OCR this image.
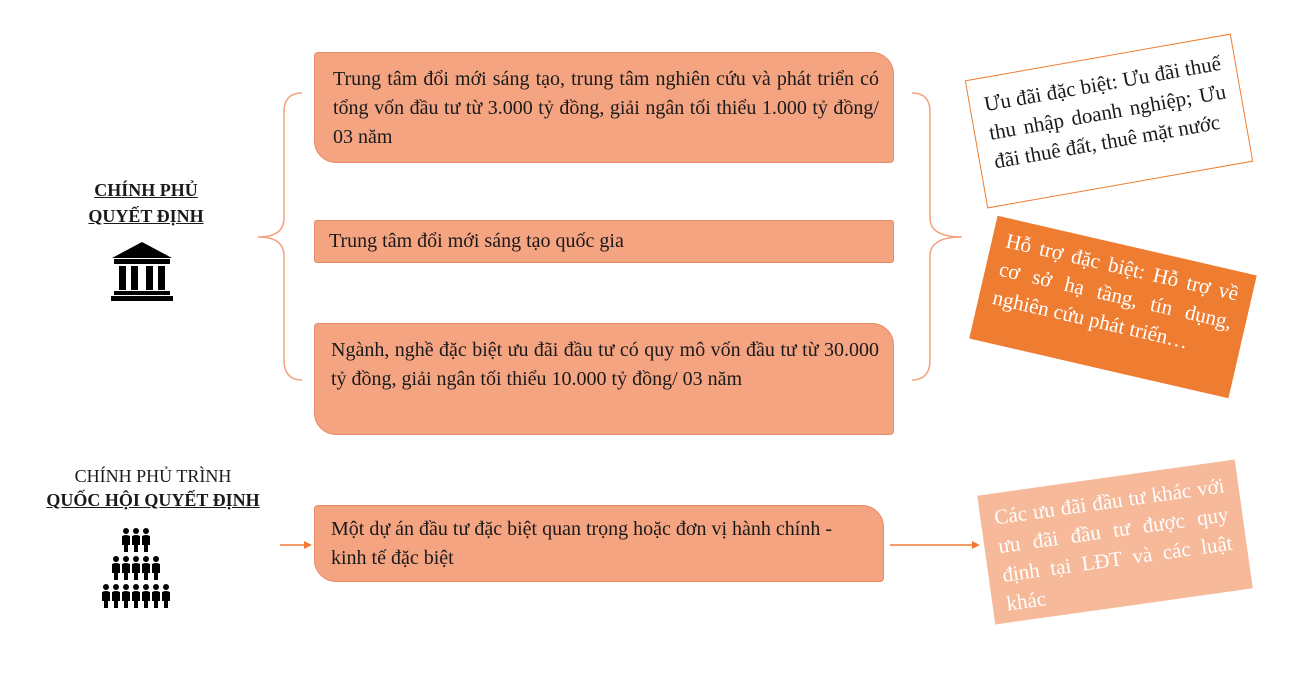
CHÍNH PHỦ
QUYẾT ĐỊNH
CHÍNH PHỦ TRÌNH
QUỐC HỘI QUYẾT ĐỊNH
Trung tâm đổi mới sáng tạo, trung tâm nghiên cứu và phát triển có tổng vốn đầu tư từ 3.000 tỷ đồng, giải ngân tối thiểu 1.000 tỷ đồng/ 03 năm
Trung tâm đổi mới sáng tạo quốc gia
Ngành, nghề đặc biệt ưu đãi đầu tư có quy mô vốn đầu tư từ 30.000 tỷ đồng, giải ngân tối thiểu 10.000 tỷ đồng/ 03 năm
Một dự án đầu tư đặc biệt quan trọng hoặc đơn vị hành chính - kinh tế đặc biệt
Ưu đãi đặc biệt: Ưu đãi thuế thu nhập doanh nghiệp; Ưu đãi thuê đất, thuê mặt nước
Hỗ trợ đặc biệt: Hỗ trợ về cơ sở hạ tầng, tín dụng, nghiên cứu phát triển…
Các ưu đãi đầu tư khác với ưu đãi đầu tư được quy định tại LĐT và các luật khác
